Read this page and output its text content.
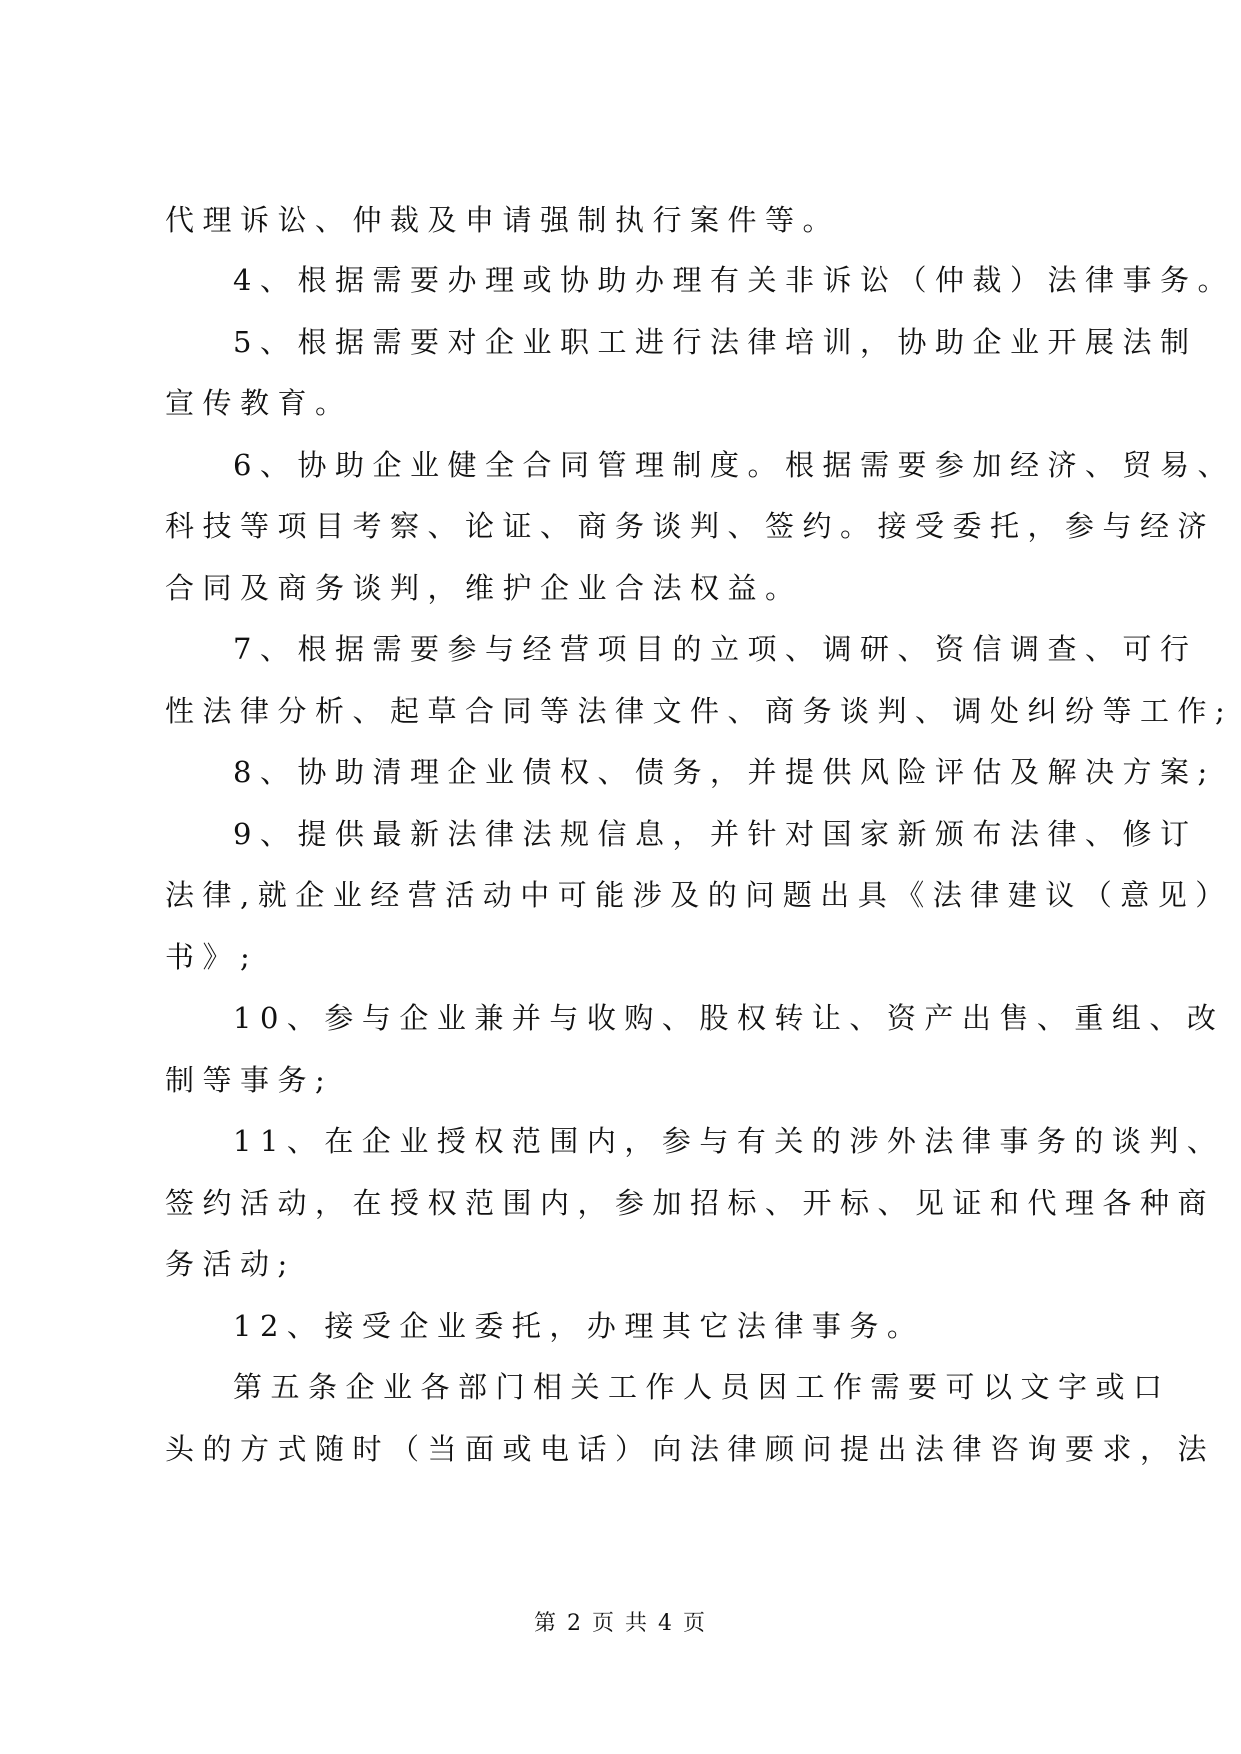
代理诉讼、仲裁及申请强制执行案件等。
4、根据需要办理或协助办理有关非诉讼（仲裁）法律事务。
5、根据需要对企业职工进行法律培训，协助企业开展法制
宣传教育。
6、协助企业健全合同管理制度。根据需要参加经济、贸易、
科技等项目考察、论证、商务谈判、签约。接受委托，参与经济
合同及商务谈判，维护企业合法权益。
7、根据需要参与经营项目的立项、调研、资信调查、可行
性法律分析、起草合同等法律文件、商务谈判、调处纠纷等工作;
8、协助清理企业债权、债务，并提供风险评估及解决方案;
9、提供最新法律法规信息，并针对国家新颁布法律、修订
法律,就企业经营活动中可能涉及的问题出具《法律建议（意见）
书》;
10、参与企业兼并与收购、股权转让、资产出售、重组、改
制等事务;
11、在企业授权范围内，参与有关的涉外法律事务的谈判、
签约活动，在授权范围内，参加招标、开标、见证和代理各种商
务活动;
12、接受企业委托，办理其它法律事务。
第五条企业各部门相关工作人员因工作需要可以文字或口
头的方式随时（当面或电话）向法律顾问提出法律咨询要求，法
第 2 页 共 4 页
